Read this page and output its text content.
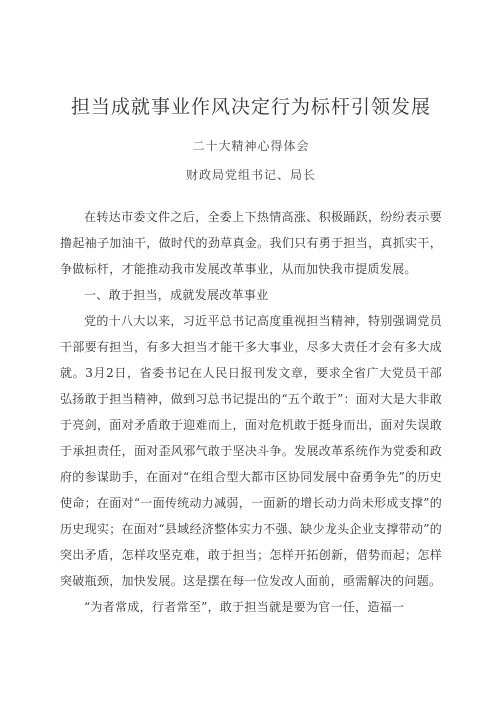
担当成就事业作风决定行为标杆引领发展
二十大精神心得体会
财政局党组书记、局长

在转达市委文件之后，全委上下热情高涨、积极踊跃，纷纷表示要撸起袖子加油干，做时代的劲草真金。我们只有勇于担当，真抓实干，争做标杆，才能推动我市发展改革事业，从而加快我市提质发展。

一、敢于担当，成就发展改革事业

党的十八大以来，习近平总书记高度重视担当精神，特别强调党员干部要有担当，有多大担当才能干多大事业，尽多大责任才会有多大成就。3月2日，省委书记在人民日报刊发文章，要求全省广大党员干部弘扬敢于担当精神，做到习总书记提出的“五个敢于”：面对大是大非敢于亮剑，面对矛盾敢于迎难而上，面对危机敢于挺身而出，面对失误敢于承担责任，面对歪风邪气敢于坚决斗争。发展改革系统作为党委和政府的参谋助手，在面对“在组合型大都市区协同发展中奋勇争先”的历史使命；在面对“一面传统动力减弱，一面新的增长动力尚未形成支撑”的历史现实；在面对“县域经济整体实力不强、缺少龙头企业支撑带动”的突出矛盾，怎样攻坚克难，敢于担当；怎样开拓创新，借势而起；怎样突破瓶颈，加快发展。这是摆在每一位发改人面前，亟需解决的问题。

“为者常成，行者常至”，敢于担当就是要为官一任，造福一
